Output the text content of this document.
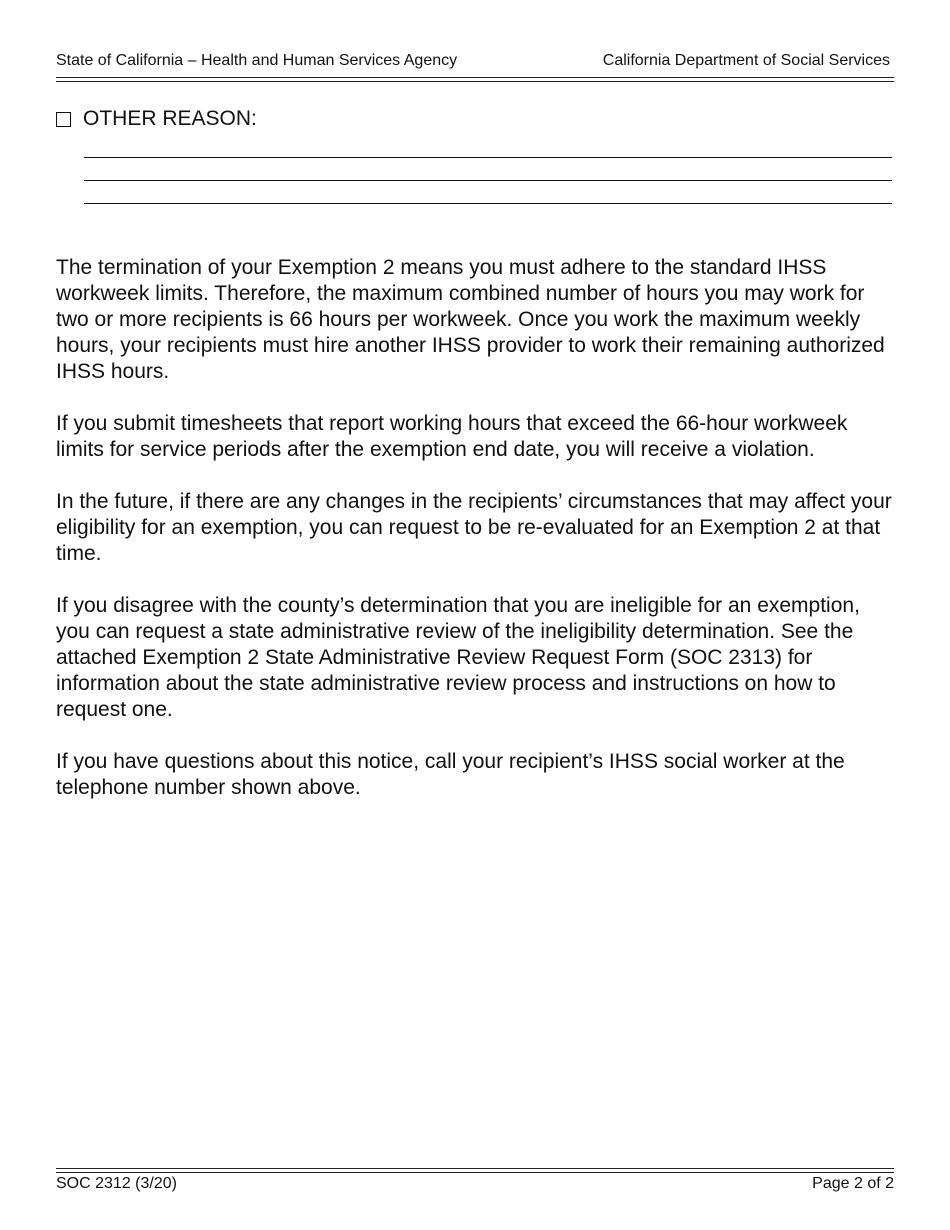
State of California – Health and Human Services Agency	California Department of Social Services
OTHER REASON:

The termination of your Exemption 2 means you must adhere to the standard IHSS workweek limits. Therefore, the maximum combined number of hours you may work for two or more recipients is 66 hours per workweek. Once you work the maximum weekly hours, your recipients must hire another IHSS provider to work their remaining authorized IHSS hours.

If you submit timesheets that report working hours that exceed the 66-hour workweek limits for service periods after the exemption end date, you will receive a violation.

In the future, if there are any changes in the recipients’ circumstances that may affect your eligibility for an exemption, you can request to be re-evaluated for an Exemption 2 at that time.

If you disagree with the county’s determination that you are ineligible for an exemption, you can request a state administrative review of the ineligibility determination. See the attached Exemption 2 State Administrative Review Request Form (SOC 2313) for information about the state administrative review process and instructions on how to request one.

If you have questions about this notice, call your recipient’s IHSS social worker at the telephone number shown above.

SOC 2312 (3/20)	Page 2 of 2
